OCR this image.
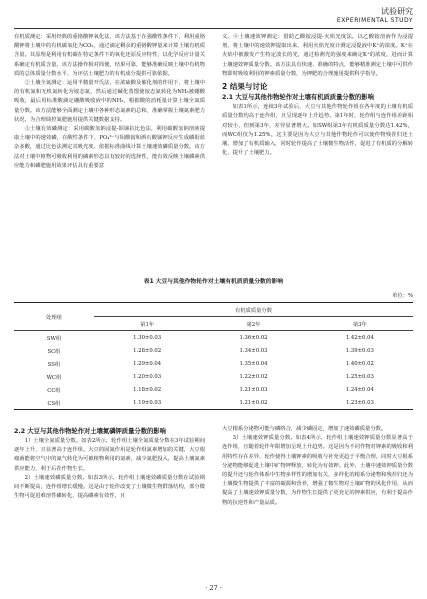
试验研究
EXPERIMENTAL STUDY

有机质测定：采用经典的重铬酸钾氧化法，该方法基于在强酸性条件下，利用重铬酸钾将土壤中的有机碳氧化为CO₂，通过滴定剩余的重铬酸钾量来计算土壤有机质含量。其原理是利用有机碳在特定条件下的氧化还原反应特性，以化学反应计量关系确定有机质含量。该方法操作相对简便，结果可靠，能够准确反映土壤中有机物质的总体质量分数水平，为评估土壤肥力的有机成分提供可靠依据。

②土壤全氮测定：运用半微量开氏法，在浓硫酸及催化剂的作用下，将土壤中的有机氮和无机氮转化为铵态氮，然后通过碱化蒸馏使铵态氮转化为NH₃被硼酸吸收，最后用标准酸滴定硼酸吸收液中的NH₃，根据酸的消耗量计算土壤全氮质量分数。该方法能够全面测定土壤中各种形态氮素的总和，准确掌握土壤氮素肥力状况，为合理调控氮肥施用提供关键数据支持。

③土壤有效磷测定：采用碳酸氢钠浸提-钼锑抗比色法，利用碳酸氢钠溶液提取土壤中的速效磷，在酸性条件下，PO₄³⁻与钼酸铵和酒石酸锑钾反应生成磷钼蓝杂多酸，通过比色法测定其吸光度，依据标准曲线计算土壤速效磷质量分数。该方法对土壤中植物可吸收利用的磷素形态具有较好的选择性，能有效反映土壤磷素供应能力和磷肥施用效果评估具有重要意

义。④土壤速效钾测定：借助乙酸铵浸提-火焰光度法。以乙酸铵溶液作为浸提剂，将土壤中的速效钾提取出来，利用火焰光度计测定浸提液中K⁺的浓度。K⁺在火焰中被激发产生特定波长的光，通过检测光的强度来确定K⁺的浓度，进而计算土壤速效钾质量分数。该方法具有快速、准确的特点，能够精准测定土壤中可供作物即时吸收利用的钾素质量分数，为钾肥的合理施用提供科学指导。

2 结果与讨论
2.1 大豆与其他作物轮作对土壤有机质质量分数的影响

如表1所示，连续3年试验后，大豆与其他作物轮作组在各年度的土壤有机质质量分数均高于连作组，且呈现逐年上升趋势。第1年时，轮作组与连作组差距相对较小，但到第3年，差异显著增大。如SW组第3年有机质质量分数达1.42%，而WC组仅为1.25%。这主要是因为大豆与其他作物轮作可以使作物残茬归还土壤，增加了有机质输入，同时轮作提高了土壤微生物活性，促进了有机质的分解转化，提升了土壤肥力。

表1 大豆与其他作物轮作对土壤有机质质量分数的影响
单位：%
处理组	有机质质量分数		
	第1年	第2年	第3年
SW组	1.30±0.03	1.36±0.02	1.42±0.04
SC组	1.28±0.02	1.34±0.03	1.39±0.03
SS组	1.29±0.04	1.35±0.04	1.40±0.02
WC组	1.20±0.03	1.22±0.02	1.25±0.03
CC组	1.18±0.02	1.21±0.03	1.24±0.04
CS组	1.19±0.03	1.21±0.02	1.23±0.03
2.2 大豆与其他作物轮作对土壤氮磷钾质量分数的影响

1）土壤全氮质量分数。如表2所示，轮作组土壤全氮质量分数在3年试验期间逐年上升，且显著高于连作组。大豆的固氮作用是轮作组氮素增加的关键，大豆根瘤菌能将空气中的氮气转化为可被植物利用的氮素，减少氮肥投入，提高土壤氮素供应能力，利于后茬作物生长。

2）土壤速效磷质量分数。如表3所示，轮作组土壤速效磷质量分数在试验期间不断提高，连作组增长缓慢。这是由于轮作改变了土壤微生物群落结构，部分微生物可促进难溶性磷转化，提高磷素有效性，且

大豆根系分泌物可能与磷络合，减少磷固定，增加了速效磷质量分数。

3）土壤速效钾质量分数。如表4所示，轮作组土壤速效钾质量分数显著高于连作组，且随着轮作年限增加呈现上升趋势。这是因为不同作物对钾素的吸收和利用特性存在差异，轮作使得土壤钾素的吸收与补充更趋于平衡合理，同时大豆根系分泌物能够促进土壤中矿物钾释放，转化为有效钾。此外，土壤中速效钾质量分数的提升还与轮作体系中生物多样性的增加有关，多样化的根系分泌物和残茬归还为土壤微生物提供了丰富的碳源和营养，增强了微生物对土壤矿物的风化作用，从而提高了土壤速效钾质量分数，为作物生长提供了更充足的钾素供应，有利于提高作物的抗逆性和产量品质。

· 27 ·
